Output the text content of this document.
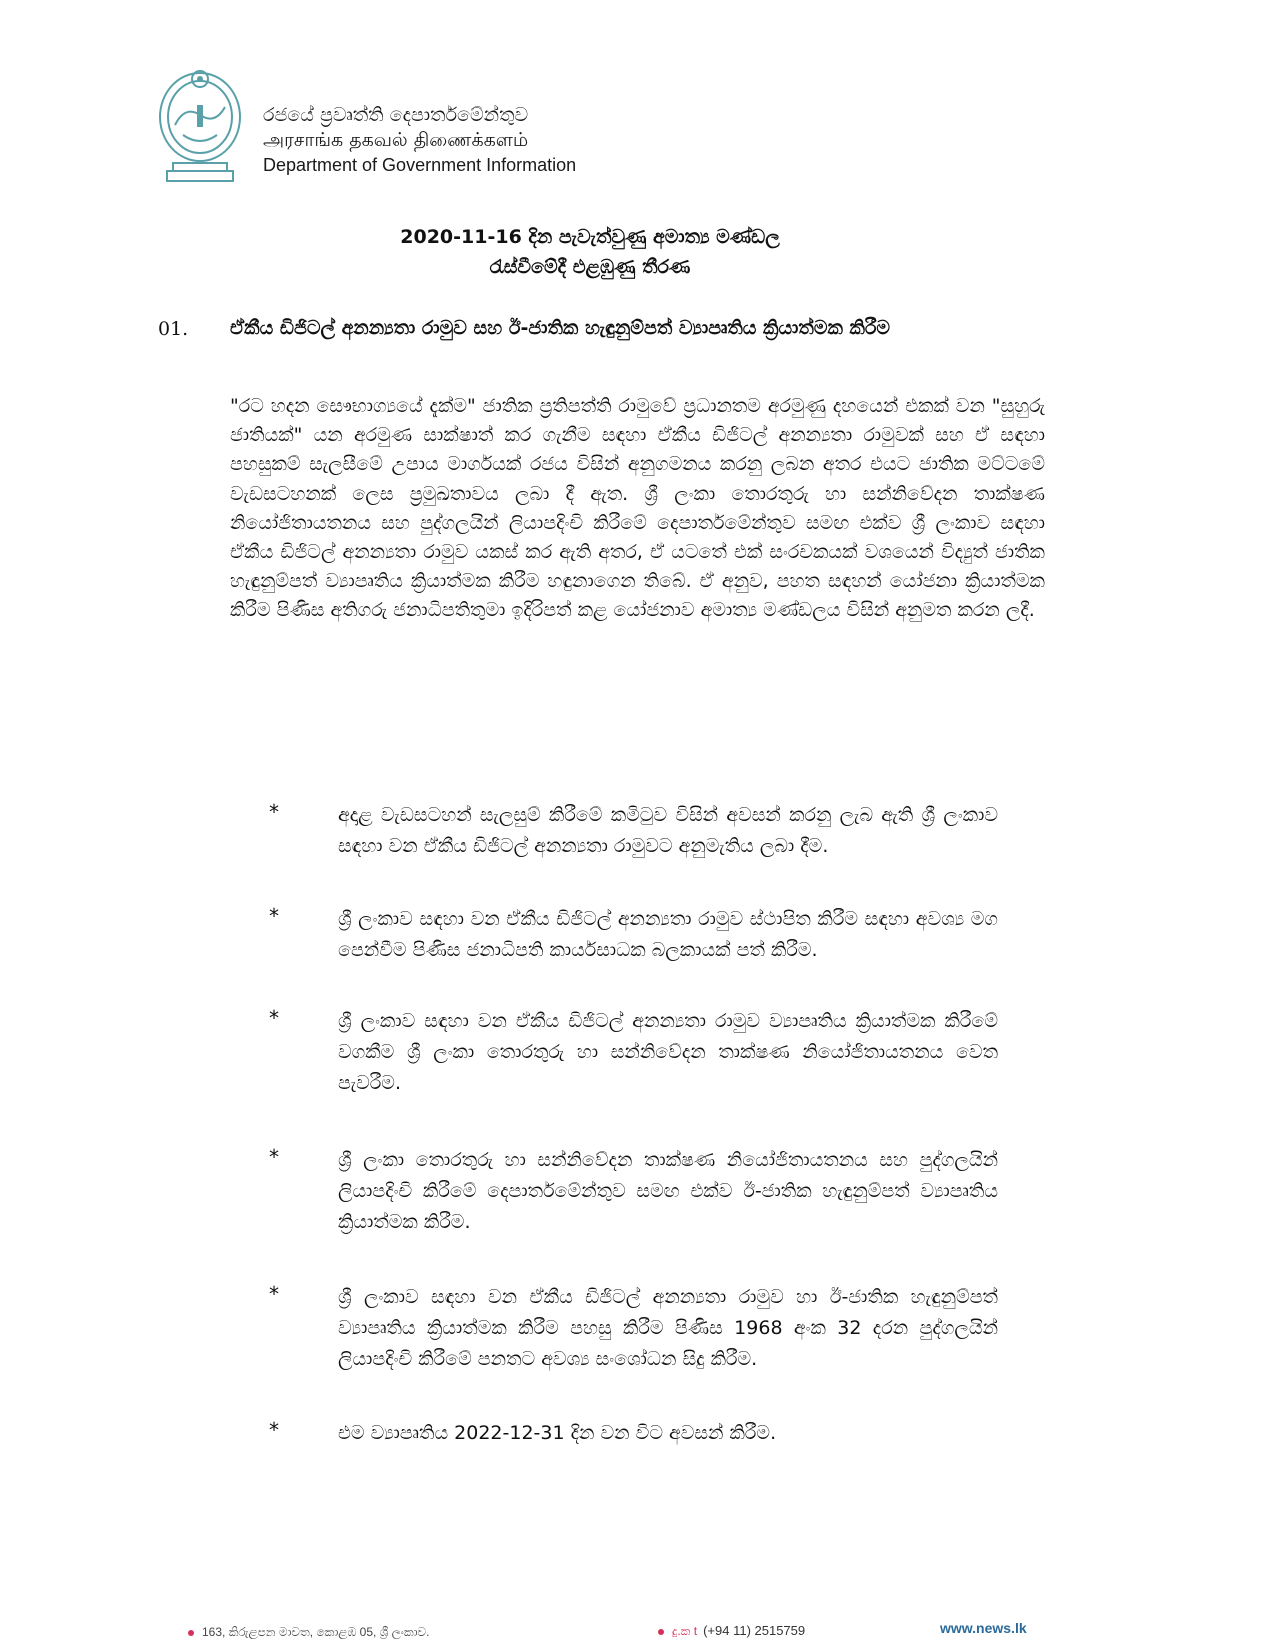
රජයේ ප්‍රවෘත්ති දෙපාර්තමේන්තුව
அரசாங்க தகவல் திணைக்களம்
Department of Government Information
2020-11-16 දින පැවැත්වුණු අමාත්‍ය මණ්ඩල
රැස්වීමේදී එළඹුණු තීරණ
01. ඒකීය ඩිජිටල් අනන්‍යතා රාමුව සහ ඊ-ජාතික හැඳුනුම්පත් ව්‍යාපෘතිය ක්‍රියාත්මක කිරීම
"රට හදන සෞභාග්‍යයේ දැක්ම" ජාතික ප්‍රතිපත්ති රාමුවේ ප්‍රධානතම අරමුණු දහයෙන් එකක් වන "සුහුරු ජාතියක්" යන අරමුණ සාක්ෂාත් කර ගැනීම සඳහා ඒකීය ඩිජිටල් අනන්‍යතා රාමුවක් සහ ඒ සඳහා පහසුකම් සැලසීමේ උපාය මාර්ගයක් රජය විසින් අනුගමනය කරනු ලබන අතර එයට ජාතික මට්ටමේ වැඩසටහනක් ලෙස ප්‍රමුඛතාවය ලබා දී ඇත. ශ්‍රී ලංකා තොරතුරු හා සන්නිවේදන තාක්ෂණ නියෝජිතායතනය සහ පුද්ගලයින් ලියාපදිංචි කිරීමේ දෙපාර්තමේන්තුව සමඟ එක්ව ශ්‍රී ලංකාව සඳහා ඒකීය ඩිජිටල් අනන්‍යතා රාමුව යකස් කර ඇති අතර, ඒ යටතේ එක් සංරචකයක් වශයෙන් විද්‍යුත් ජාතික හැඳුනුම්පත් ව්‍යාපෘතිය ක්‍රියාත්මක කිරීම හඳුනාගෙන තිබේ. ඒ අනුව, පහත සඳහන් යෝජනා ක්‍රියාත්මක කිරීම පිණිස අතිගරු ජනාධිපතිතුමා ඉදිරිපත් කළ යෝජනාව අමාත්‍ය මණ්ඩලය විසින් අනුමත කරන ලදී.
*	අදාළ වැඩසටහන් සැලසුම් කිරීමේ කමිටුව විසින් අවසන් කරනු ලැබ ඇති ශ්‍රී ලංකාව සඳහා වන ඒකීය ඩිජිටල් අනන්‍යතා රාමුවට අනුමැතිය ලබා දීම.
*	ශ්‍රී ලංකාව සඳහා වන ඒකීය ඩිජිටල් අනන්‍යතා රාමුව ස්ථාපිත කිරීම සඳහා අවශ්‍ය මග පෙන්වීම පිණිස ජනාධිපති කාර්යසාධක බලකායක් පත් කිරීම.
*	ශ්‍රී ලංකාව සඳහා වන ඒකීය ඩිජිටල් අනන්‍යතා රාමුව ව්‍යාපෘතිය ක්‍රියාත්මක කිරීමේ වගකීම ශ්‍රී ලංකා තොරතුරු හා සන්නිවේදන තාක්ෂණ නියෝජිතායතනය වෙත පැවරීම.
*	ශ්‍රී ලංකා තොරතුරු හා සන්නිවේදන තාක්ෂණ නියෝජිතායතනය සහ පුද්ගලයින් ලියාපදිංචි කිරීමේ දෙපාර්තමේන්තුව සමඟ එක්ව ඊ-ජාතික හැඳුනුම්පත් ව්‍යාපෘතිය ක්‍රියාත්මක කිරීම.
*	ශ්‍රී ලංකාව සඳහා වන ඒකීය ඩිජිටල් අනන්‍යතා රාමුව හා ඊ-ජාතික හැඳුනුම්පත් ව්‍යාපෘතිය ක්‍රියාත්මක කිරීම පහසු කිරීම පිණිස 1968 අංක 32 දරන පුද්ගලයින් ලියාපදිංචි කිරීමේ පනතට අවශ්‍ය සංශෝධන සිදු කිරීම.
*	එම ව්‍යාපෘතිය 2022-12-31 දින වන විට අවසන් කිරීම.
163, කිරුළපන මාවත, කොළඹ 05, ශ්‍රී ලංකාව.	දු.ක t (+94 11) 2515759	www.news.lk
